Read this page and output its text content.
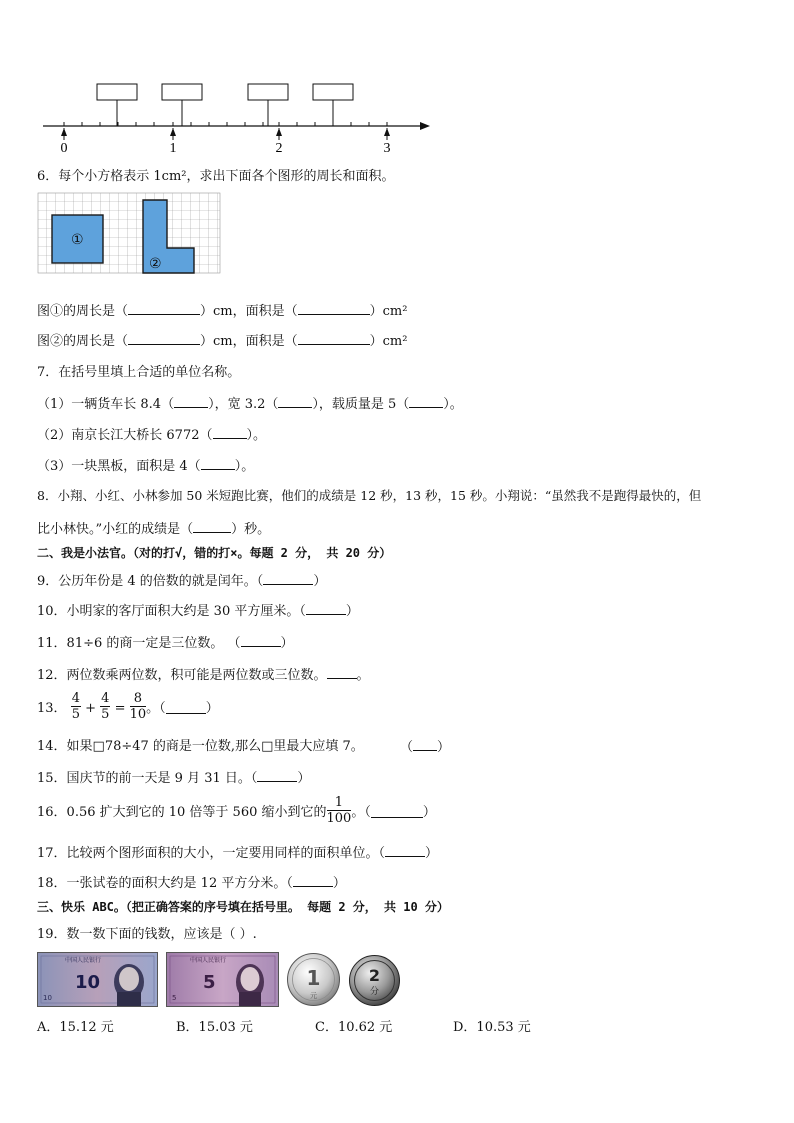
0	1	2	3
6．每个小方格表示 1cm²，求出下面各个图形的周长和面积。
①
②
图①的周长是（	）cm，面积是（	）cm²
图②的周长是（	）cm，面积是（	）cm²
7．在括号里填上合适的单位名称。
（1）一辆货车长 8.4（	），宽 3.2（	），载质量是 5（	）。
（2）南京长江大桥长 6772（	）。
（3）一块黑板，面积是 4（	）。
8．小翔、小红、小林参加 50 米短跑比赛，他们的成绩是 12 秒，13 秒，15 秒。小翔说：“虽然我不是跑得最快的，但
比小林快。”小红的成绩是（	）秒。
二、我是小法官。（对的打√，错的打×。每题 2 分， 共 20 分）
9．公历年份是 4 的倍数的就是闰年。（	）
10．小明家的客厅面积大约是 30 平方厘米。（	）
11．81÷6 的商一定是三位数。 （	）
12．两位数乘两位数，积可能是两位数或三位数。 。
13． $\frac{4}{5} + \frac{4}{5} = \frac{8}{10}$ 。（	）
14．如果□78÷47 的商是一位数,那么□里最大应填 7。	（ ）
15．国庆节的前一天是 9 月 31 日。（	）
16．0.56 扩大到它的 10 倍等于 560 缩小到它的 $\frac{1}{100}$ 。（	）
17．比较两个图形面积的大小，一定要用同样的面积单位。（	）
18．一张试卷的面积大约是 12 平方分米。（	）
三、快乐 ABC。（把正确答案的序号填在括号里。 每题 2 分， 共 10 分）
19．数一数下面的钱数，应该是（ ）.
中国人民银行
10
10
中国人民银行
5
5
1
元
2
分
A．15.12 元	B．15.03 元	C．10.62 元	D．10.53 元
